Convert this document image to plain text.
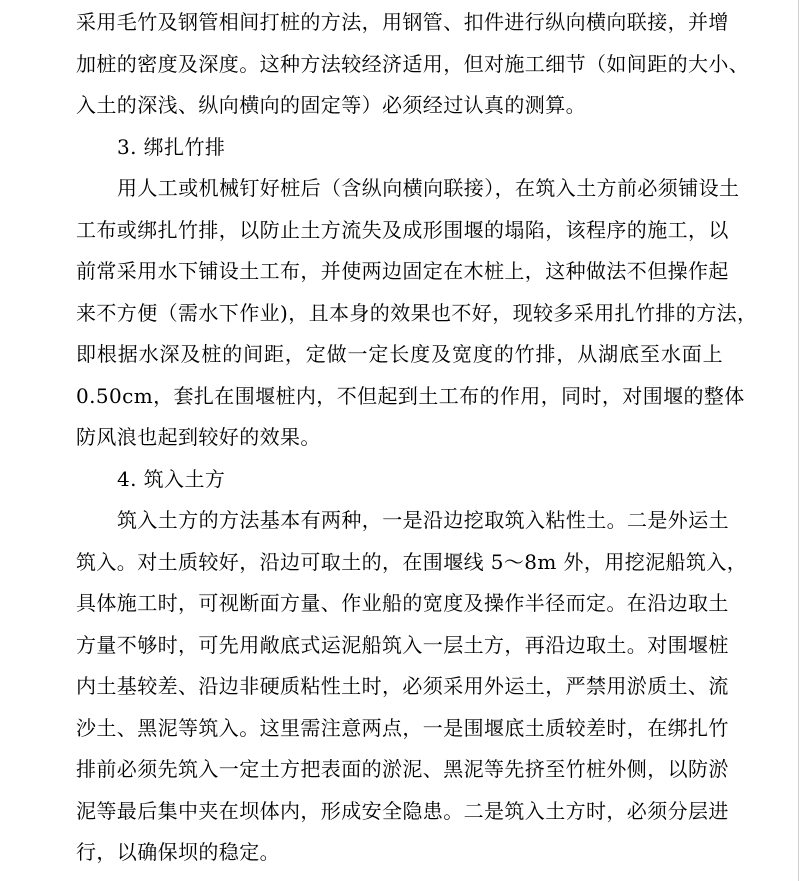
采用毛竹及钢管相间打桩的方法，用钢管、扣件进行纵向横向联接，并增
加桩的密度及深度。这种方法较经济适用，但对施工细节（如间距的大小、
入土的深浅、纵向横向的固定等）必须经过认真的测算。
3. 绑扎竹排
用人工或机械钉好桩后（含纵向横向联接），在筑入土方前必须铺设土
工布或绑扎竹排，以防止土方流失及成形围堰的塌陷，该程序的施工，以
前常采用水下铺设土工布，并使两边固定在木桩上，这种做法不但操作起
来不方便（需水下作业)，且本身的效果也不好，现较多采用扎竹排的方法，
即根据水深及桩的间距，定做一定长度及宽度的竹排，从湖底至水面上
0.50cm，套扎在围堰桩内，不但起到土工布的作用，同时，对围堰的整体
防风浪也起到较好的效果。
4. 筑入土方
筑入土方的方法基本有两种，一是沿边挖取筑入粘性土。二是外运土
筑入。对土质较好，沿边可取土的，在围堰线 5～8m 外，用挖泥船筑入，
具体施工时，可视断面方量、作业船的宽度及操作半径而定。在沿边取土
方量不够时，可先用敞底式运泥船筑入一层土方，再沿边取土。对围堰桩
内土基较差、沿边非硬质粘性土时，必须采用外运土，严禁用淤质土、流
沙土、黑泥等筑入。这里需注意两点，一是围堰底土质较差时，在绑扎竹
排前必须先筑入一定土方把表面的淤泥、黑泥等先挤至竹桩外侧，以防淤
泥等最后集中夹在坝体内，形成安全隐患。二是筑入土方时，必须分层进
行，以确保坝的稳定。
